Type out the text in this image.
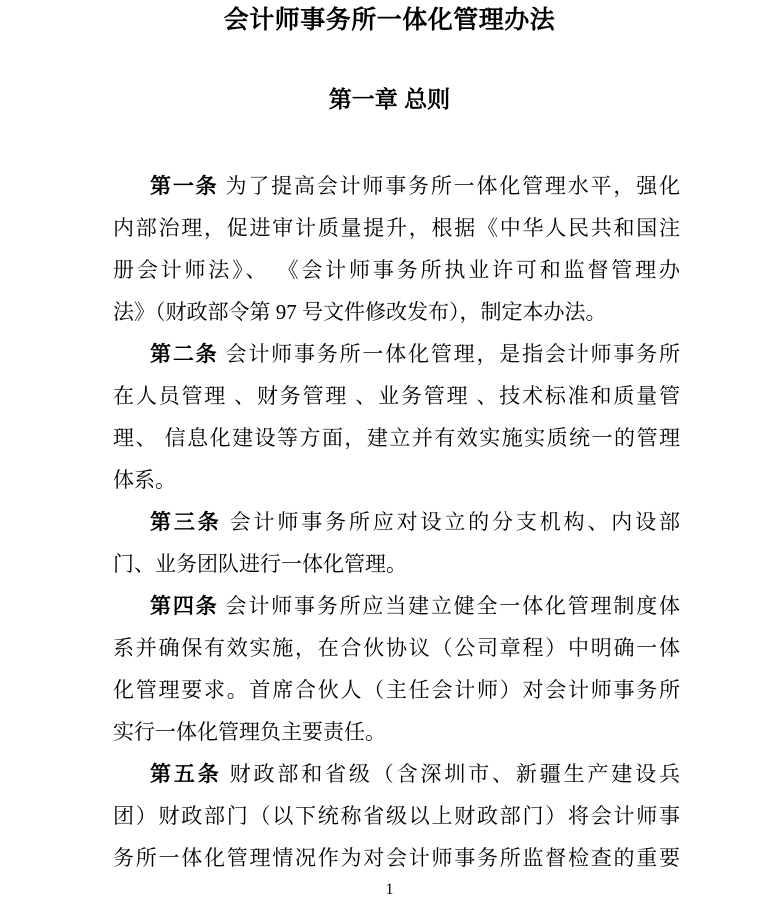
会计师事务所一体化管理办法
第一章 总则
第一条 为了提高会计师事务所一体化管理水平，强化
内部治理，促进审计质量提升，根据《中华人民共和国注
册会计师法》、 《会计师事务所执业许可和监督管理办
法》（财政部令第 97 号文件修改发布），制定本办法。
第二条 会计师事务所一体化管理，是指会计师事务所
在人员管理 、财务管理 、业务管理 、技术标准和质量管
理、 信息化建设等方面，建立并有效实施实质统一的管理
体系。
第三条 会计师事务所应对设立的分支机构、内设部
门、业务团队进行一体化管理。
第四条 会计师事务所应当建立健全一体化管理制度体
系并确保有效实施，在合伙协议（公司章程）中明确一体
化管理要求。首席合伙人（主任会计师）对会计师事务所
实行一体化管理负主要责任。
第五条 财政部和省级（含深圳市、新疆生产建设兵
团）财政部门（以下统称省级以上财政部门）将会计师事
务所一体化管理情况作为对会计师事务所监督检查的重要
1
